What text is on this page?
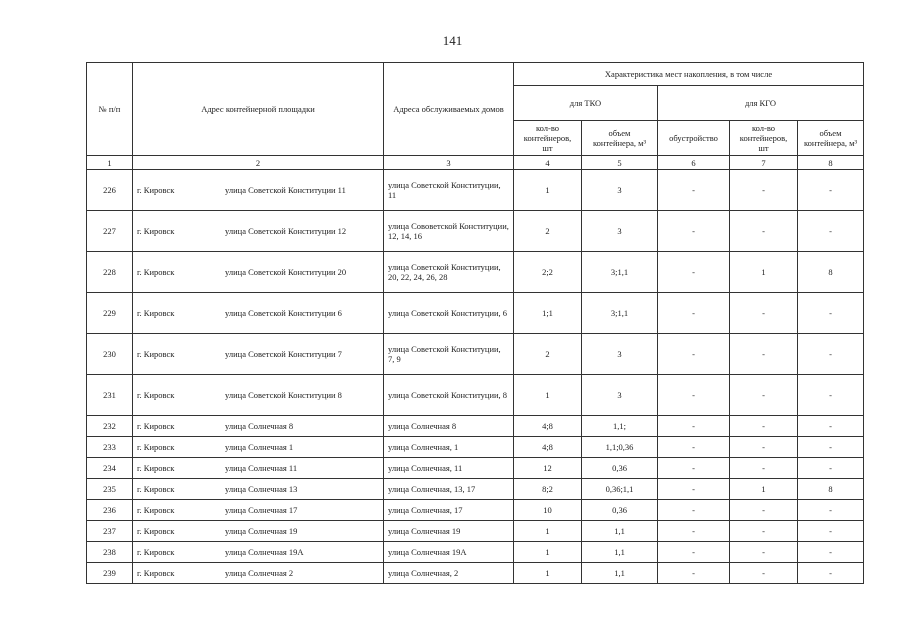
141
№ п/п	Адрес контейнерной площадки	Адреса обслуживаемых домов	Характеристика мест накопления, в том числе				
			для ТКО		для КГО		
			кол-во контейнеров, шт	объем контейнера, м³	обустройство	кол-во контейнеров, шт	объем контейнера, м³
1	2	3	4	5	6	7	8
226	г. Кировск улица Советской Конституции 11	улица Советской Конституции, 11	1	3	-	-	-
227	г. Кировск улица Советской Конституции 12	улица Сововетской Конституции, 12, 14, 16	2	3	-	-	-
228	г. Кировск улица Советской Конституции 20	улица Советской Конституции, 20, 22, 24, 26, 28	2;2	3;1,1	-	1	8
229	г. Кировск улица Советской Конституции 6	улица Советской Конституции, 6	1;1	3;1,1	-	-	-
230	г. Кировск улица Советской Конституции 7	улица Советской Конституции, 7, 9	2	3	-	-	-
231	г. Кировск улица Советской Конституции 8	улица Советской Конституции, 8	1	3	-	-	-
232	г. Кировск улица Солнечная 8	улица Солнечная 8	4;8	1,1;	-	-	-
233	г. Кировск улица Солнечная 1	улица Солнечная, 1	4;8	1,1;0,36	-	-	-
234	г. Кировск улица Солнечная 11	улица Солнечная, 11	12	0,36	-	-	-
235	г. Кировск улица Солнечная 13	улица Солнечная, 13, 17	8;2	0,36;1,1	-	1	8
236	г. Кировск улица Солнечная 17	улица Солнечная, 17	10	0,36	-	-	-
237	г. Кировск улица Солнечная 19	улица Солнечная 19	1	1,1	-	-	-
238	г. Кировск улица Солнечная 19А	улица Солнечная 19А	1	1,1	-	-	-
239	г. Кировск улица Солнечная 2	улица Солнечная, 2	1	1,1	-	-	-
